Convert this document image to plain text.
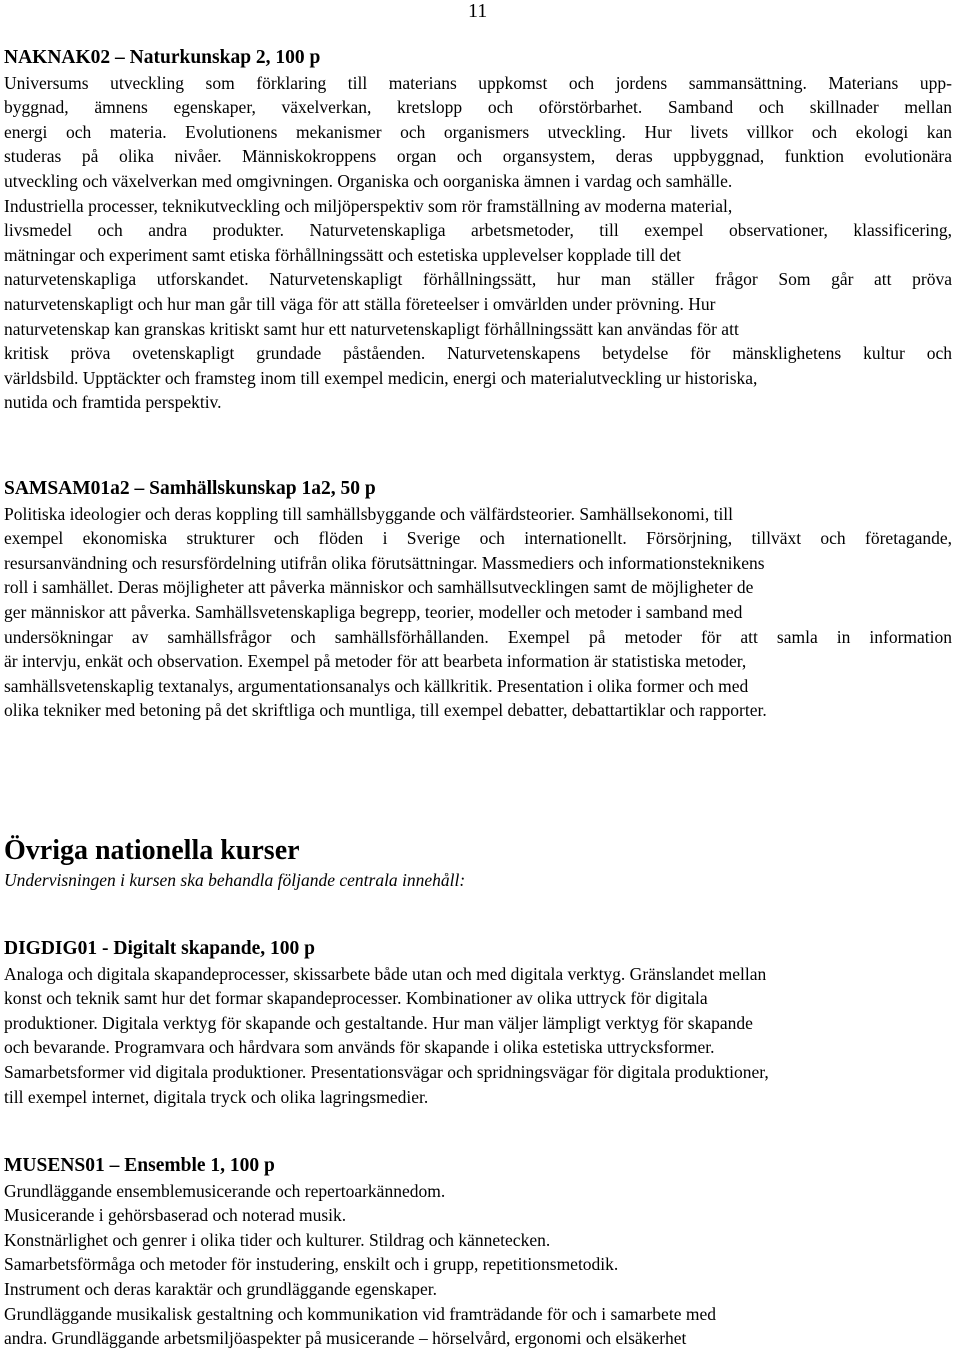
11
NAKNAK02 – Naturkunskap 2, 100 p

Universums utveckling som förklaring till materians uppkomst och jordens sammansättning. Materians upp-
byggnad, ämnens egenskaper, växelverkan, kretslopp och oförstörbarhet. Samband och skillnader mellan
energi och materia. Evolutionens mekanismer och organismers utveckling. Hur livets villkor och ekologi kan
studeras på olika nivåer. Människokroppens organ och organsystem, deras uppbyggnad, funktion evolutionära
utveckling och växelverkan med omgivningen. Organiska och oorganiska ämnen i vardag och samhälle.
Industriella processer, teknikutveckling och miljöperspektiv som rör framställning av moderna material,
livsmedel och andra produkter. Naturvetenskapliga arbetsmetoder, till exempel observationer, klassificering,
mätningar och experiment samt etiska förhållningssätt och estetiska upplevelser kopplade till det
naturvetenskapliga utforskandet. Naturvetenskapligt förhållningssätt, hur man ställer frågor Som går att pröva
naturvetenskapligt och hur man går till väga för att ställa företeelser i omvärlden under prövning. Hur
naturvetenskap kan granskas kritiskt samt hur ett naturvetenskapligt förhållningssätt kan användas för att
kritisk pröva ovetenskapligt grundade påståenden. Naturvetenskapens betydelse för mänsklighetens kultur och
världsbild. Upptäckter och framsteg inom till exempel medicin, energi och materialutveckling ur historiska,
nutida och framtida perspektiv.

SAMSAM01a2 – Samhällskunskap 1a2, 50 p

Politiska ideologier och deras koppling till samhällsbyggande och välfärdsteorier. Samhällsekonomi, till
exempel ekonomiska strukturer och flöden i Sverige och internationellt. Försörjning, tillväxt och företagande,
resursanvändning och resursfördelning utifrån olika förutsättningar. Massmediers och informationsteknikens
roll i samhället. Deras möjligheter att påverka människor och samhällsutvecklingen samt de möjligheter de
ger människor att påverka. Samhällsvetenskapliga begrepp, teorier, modeller och metoder i samband med
undersökningar av samhällsfrågor och samhällsförhållanden. Exempel på metoder för att samla in information
är intervju, enkät och observation. Exempel på metoder för att bearbeta information är statistiska metoder,
samhällsvetenskaplig textanalys, argumentationsanalys och källkritik. Presentation i olika former och med
olika tekniker med betoning på det skriftliga och muntliga, till exempel debatter, debattartiklar och rapporter.

Övriga nationella kurser

Undervisningen i kursen ska behandla följande centrala innehåll:

DIGDIG01 - Digitalt skapande, 100 p

Analoga och digitala skapandeprocesser, skissarbete både utan och med digitala verktyg. Gränslandet mellan
konst och teknik samt hur det formar skapandeprocesser. Kombinationer av olika uttryck för digitala
produktioner. Digitala verktyg för skapande och gestaltande. Hur man väljer lämpligt verktyg för skapande
och bevarande. Programvara och hårdvara som används för skapande i olika estetiska uttrycksformer.
Samarbetsformer vid digitala produktioner. Presentationsvägar och spridningsvägar för digitala produktioner,
till exempel internet, digitala tryck och olika lagringsmedier.

MUSENS01 – Ensemble 1, 100 p

Grundläggande ensemblemusicerande och repertoarkännedom.
Musicerande i gehörsbaserad och noterad musik.
Konstnärlighet och genrer i olika tider och kulturer. Stildrag och kännetecken.
Samarbetsförmåga och metoder för instudering, enskilt och i grupp, repetitionsmetodik.
Instrument och deras karaktär och grundläggande egenskaper.
Grundläggande musikalisk gestaltning och kommunikation vid framträdande för och i samarbete med
andra. Grundläggande arbetsmiljöaspekter på musicerande – hörselvård, ergonomi och elsäkerhet
